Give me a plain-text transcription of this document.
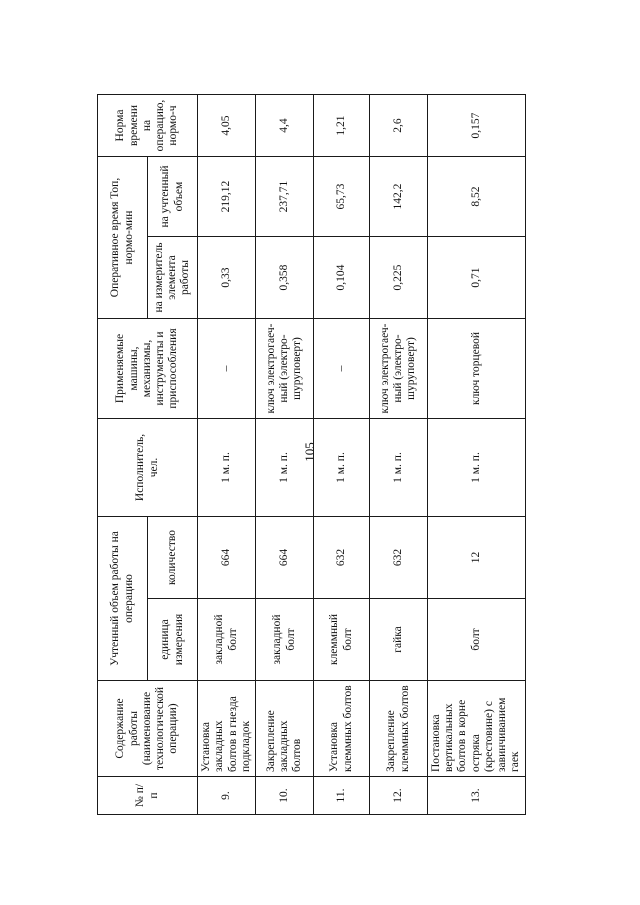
105
№ п/п	Содержание работы (наименование технологической операции)	Учтенный объем работы на операцию		Исполнитель, чел.	Применяемые машины, механизмы, инструменты и приспособления	Оперативное время Топ, нормо-мин		Норма времени на операцию, нормо-ч
		единица измерения	количество			на измеритель элемента работы	на учтенный объем	
9.	Установка закладных болтов в гнезда подкладок	закладной болт	664	1 м. п.	–	0,33	219,12	4,05
10.	Закрепление закладных болтов	закладной болт	664	1 м. п.	ключ электрогаеч-ный (электро-шуруповерт)	0,358	237,71	4,4
11.	Установка клеммных болтов	клеммный болт	632	1 м. п.	–	0,104	65,73	1,21
12.	Закрепление клеммных болтов	гайка	632	1 м. п.	ключ электрогаеч-ный (электро-шуруповерт)	0,225	142,2	2,6
13.	Постановка вертикальных болтов в корне остряка (крестовине) с завинчиванием гаек	болт	12	1 м. п.	ключ торцевой	0,71	8,52	0,157
